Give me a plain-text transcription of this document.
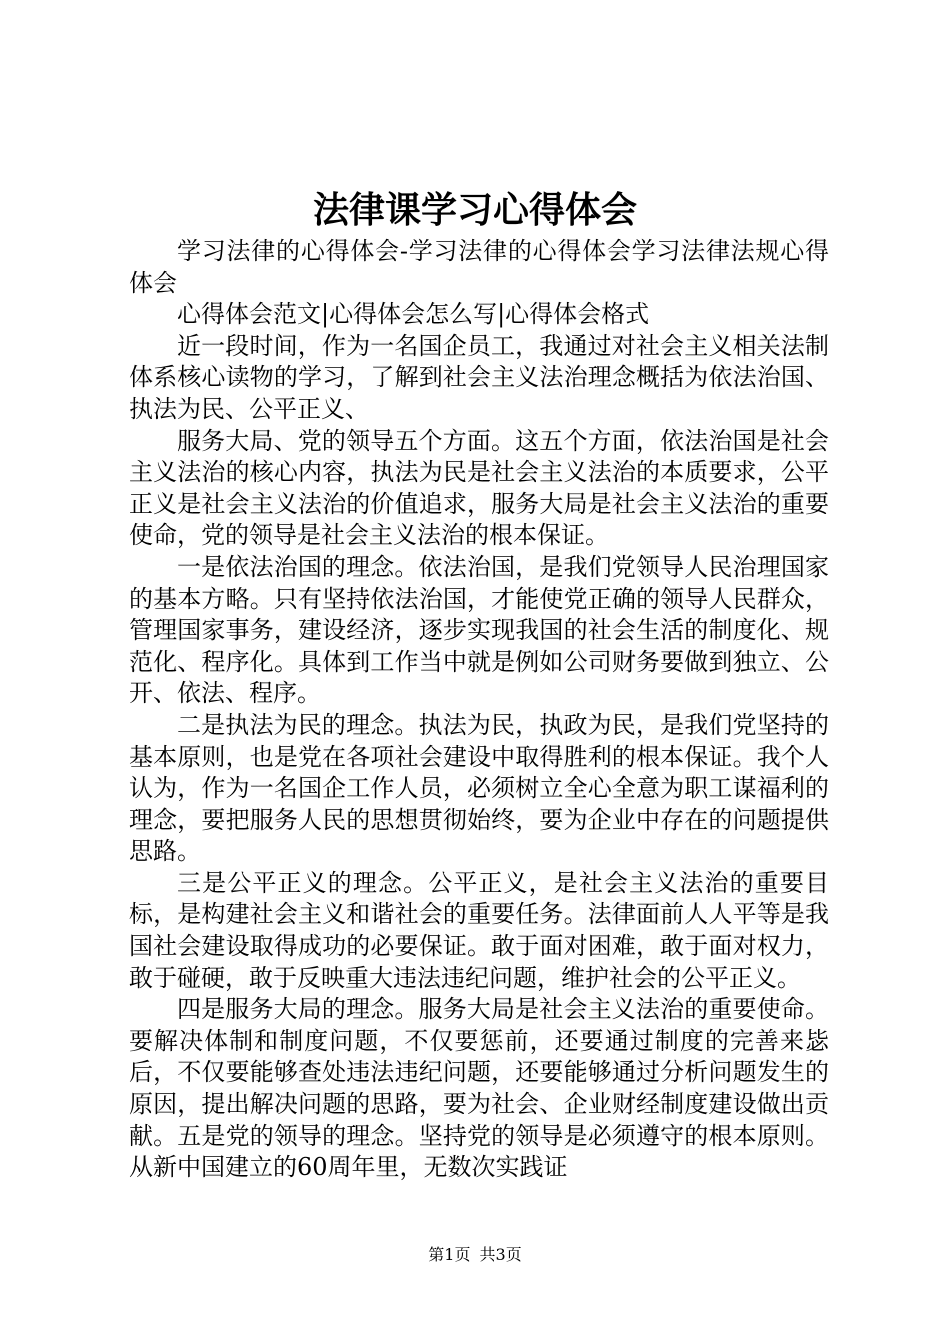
法律课学习心得体会

学习法律的心得体会-学习法律的心得体会学习法律法规心得体会

心得体会范文|心得体会怎么写|心得体会格式

近一段时间，作为一名国企员工，我通过对社会主义相关法制体系核心读物的学习，了解到社会主义法治理念概括为依法治国、执法为民、公平正义、

服务大局、党的领导五个方面。这五个方面，依法治国是社会主义法治的核心内容，执法为民是社会主义法治的本质要求，公平正义是社会主义法治的价值追求，服务大局是社会主义法治的重要使命，党的领导是社会主义法治的根本保证。

一是依法治国的理念。依法治国，是我们党领导人民治理国家的基本方略。只有坚持依法治国，才能使党正确的领导人民群众，管理国家事务，建设经济，逐步实现我国的社会生活的制度化、规范化、程序化。具体到工作当中就是例如公司财务要做到独立、公开、依法、程序。

二是执法为民的理念。执法为民，执政为民，是我们党坚持的基本原则，也是党在各项社会建设中取得胜利的根本保证。我个人认为，作为一名国企工作人员，必须树立全心全意为职工谋福利的理念，要把服务人民的思想贯彻始终，要为企业中存在的问题提供思路。

三是公平正义的理念。公平正义，是社会主义法治的重要目标，是构建社会主义和谐社会的重要任务。法律面前人人平等是我国社会建设取得成功的必要保证。敢于面对困难，敢于面对权力，敢于碰硬，敢于反映重大违法违纪问题，维护社会的公平正义。

四是服务大局的理念。服务大局是社会主义法治的重要使命。要解决体制和制度问题，不仅要惩前，还要通过制度的完善来毖后，不仅要能够查处违法违纪问题，还要能够通过分析问题发生的原因，提出解决问题的思路，要为社会、企业财经制度建设做出贡献。五是党的领导的理念。坚持党的领导是必须遵守的根本原则。从新中国建立的60周年里，无数次实践证

第1页 共3页
